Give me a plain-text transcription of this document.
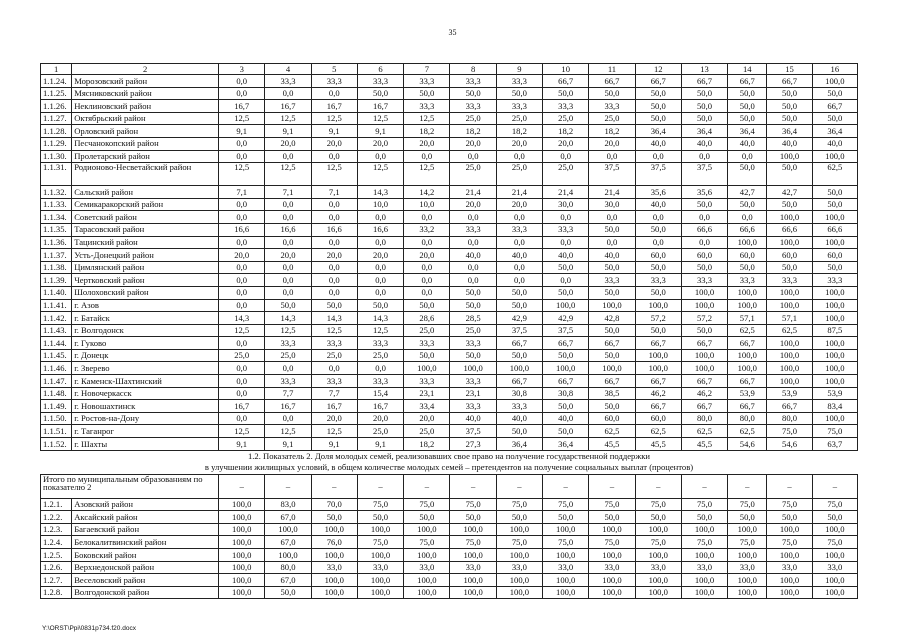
35
1	2	3	4	5	6	7	8	9	10	11	12	13	14	15	16
1.1.24.	Морозовский район	0,0	33,3	33,3	33,3	33,3	33,3	33,3	66,7	66,7	66,7	66,7	66,7	66,7	100,0
1.1.25.	Мясниковский район	0,0	0,0	0,0	50,0	50,0	50,0	50,0	50,0	50,0	50,0	50,0	50,0	50,0	50,0
1.1.26.	Неклиновский район	16,7	16,7	16,7	16,7	33,3	33,3	33,3	33,3	33,3	50,0	50,0	50,0	50,0	66,7
1.1.27.	Октябрьский район	12,5	12,5	12,5	12,5	12,5	25,0	25,0	25,0	25,0	50,0	50,0	50,0	50,0	50,0
1.1.28.	Орловский район	9,1	9,1	9,1	9,1	18,2	18,2	18,2	18,2	18,2	36,4	36,4	36,4	36,4	36,4
1.1.29.	Песчанокопский район	0,0	20,0	20,0	20,0	20,0	20,0	20,0	20,0	20,0	40,0	40,0	40,0	40,0	40,0
1.1.30.	Пролетарский район	0,0	0,0	0,0	0,0	0,0	0,0	0,0	0,0	0,0	0,0	0,0	0,0	100,0	100,0
1.1.31.	Родионово-Несветайский район	12,5	12,5	12,5	12,5	12,5	25,0	25,0	25,0	37,5	37,5	37,5	50,0	50,0	62,5
1.1.32.	Сальский район	7,1	7,1	7,1	14,3	14,2	21,4	21,4	21,4	21,4	35,6	35,6	42,7	42,7	50,0
1.1.33.	Семикаракорский район	0,0	0,0	0,0	10,0	10,0	20,0	20,0	30,0	30,0	40,0	50,0	50,0	50,0	50,0
1.1.34.	Советский район	0,0	0,0	0,0	0,0	0,0	0,0	0,0	0,0	0,0	0,0	0,0	0,0	100,0	100,0
1.1.35.	Тарасовский район	16,6	16,6	16,6	16,6	33,2	33,3	33,3	33,3	50,0	50,0	66,6	66,6	66,6	66,6
1.1.36.	Тацинский район	0,0	0,0	0,0	0,0	0,0	0,0	0,0	0,0	0,0	0,0	0,0	100,0	100,0	100,0
1.1.37.	Усть-Донецкий район	20,0	20,0	20,0	20,0	20,0	40,0	40,0	40,0	40,0	60,0	60,0	60,0	60,0	60,0
1.1.38.	Цимлянский район	0,0	0,0	0,0	0,0	0,0	0,0	0,0	50,0	50,0	50,0	50,0	50,0	50,0	50,0
1.1.39.	Чертковский район	0,0	0,0	0,0	0,0	0,0	0,0	0,0	0,0	33,3	33,3	33,3	33,3	33,3	33,3
1.1.40.	Шолоховский район	0,0	0,0	0,0	0,0	0,0	50,0	50,0	50,0	50,0	50,0	100,0	100,0	100,0	100,0
1.1.41.	г. Азов	0,0	50,0	50,0	50,0	50,0	50,0	50,0	100,0	100,0	100,0	100,0	100,0	100,0	100,0
1.1.42.	г. Батайск	14,3	14,3	14,3	14,3	28,6	28,5	42,9	42,9	42,8	57,2	57,2	57,1	57,1	100,0
1.1.43.	г. Волгодонск	12,5	12,5	12,5	12,5	25,0	25,0	37,5	37,5	50,0	50,0	50,0	62,5	62,5	87,5
1.1.44.	г. Гуково	0,0	33,3	33,3	33,3	33,3	33,3	66,7	66,7	66,7	66,7	66,7	66,7	100,0	100,0
1.1.45.	г. Донецк	25,0	25,0	25,0	25,0	50,0	50,0	50,0	50,0	50,0	100,0	100,0	100,0	100,0	100,0
1.1.46.	г. Зверево	0,0	0,0	0,0	0,0	100,0	100,0	100,0	100,0	100,0	100,0	100,0	100,0	100,0	100,0
1.1.47.	г. Каменск-Шахтинский	0,0	33,3	33,3	33,3	33,3	33,3	66,7	66,7	66,7	66,7	66,7	66,7	100,0	100,0
1.1.48.	г. Новочеркасск	0,0	7,7	7,7	15,4	23,1	23,1	30,8	30,8	38,5	46,2	46,2	53,9	53,9	53,9
1.1.49.	г. Новошахтинск	16,7	16,7	16,7	16,7	33,4	33,3	33,3	50,0	50,0	66,7	66,7	66,7	66,7	83,4
1.1.50.	г. Ростов-на-Дону	0,0	0,0	20,0	20,0	20,0	40,0	40,0	40,0	60,0	60,0	80,0	80,0	80,0	100,0
1.1.51.	г. Таганрог	12,5	12,5	12,5	25,0	25,0	37,5	50,0	50,0	62,5	62,5	62,5	62,5	75,0	75,0
1.1.52.	г. Шахты	9,1	9,1	9,1	9,1	18,2	27,3	36,4	36,4	45,5	45,5	45,5	54,6	54,6	63,7

1.2. Показатель 2. Доля молодых семей, реализовавших свое право на получение государственной поддержки
в улучшении жилищных условий, в общем количестве молодых семей – претендентов на получение социальных выплат (процентов)															

Итого по муниципальным образованиям по показателю 2		–	–	–	–	–	–	–	–	–	–	–	–	–	–
1.2.1.	Азовский район	100,0	83,0	70,0	75,0	75,0	75,0	75,0	75,0	75,0	75,0	75,0	75,0	75,0	75,0
1.2.2.	Аксайский район	100,0	67,0	50,0	50,0	50,0	50,0	50,0	50,0	50,0	50,0	50,0	50,0	50,0	50,0
1.2.3.	Багаевский район	100,0	100,0	100,0	100,0	100,0	100,0	100,0	100,0	100,0	100,0	100,0	100,0	100,0	100,0
1.2.4.	Белокалитвинский район	100,0	67,0	76,0	75,0	75,0	75,0	75,0	75,0	75,0	75,0	75,0	75,0	75,0	75,0
1.2.5.	Боковский район	100,0	100,0	100,0	100,0	100,0	100,0	100,0	100,0	100,0	100,0	100,0	100,0	100,0	100,0
1.2.6.	Верхнедонской район	100,0	80,0	33,0	33,0	33,0	33,0	33,0	33,0	33,0	33,0	33,0	33,0	33,0	33,0
1.2.7.	Веселовский район	100,0	67,0	100,0	100,0	100,0	100,0	100,0	100,0	100,0	100,0	100,0	100,0	100,0	100,0
1.2.8.	Волгодонской район	100,0	50,0	100,0	100,0	100,0	100,0	100,0	100,0	100,0	100,0	100,0	100,0	100,0	100,0
Y:\ORST\Ppi\0831p734.f20.docx
